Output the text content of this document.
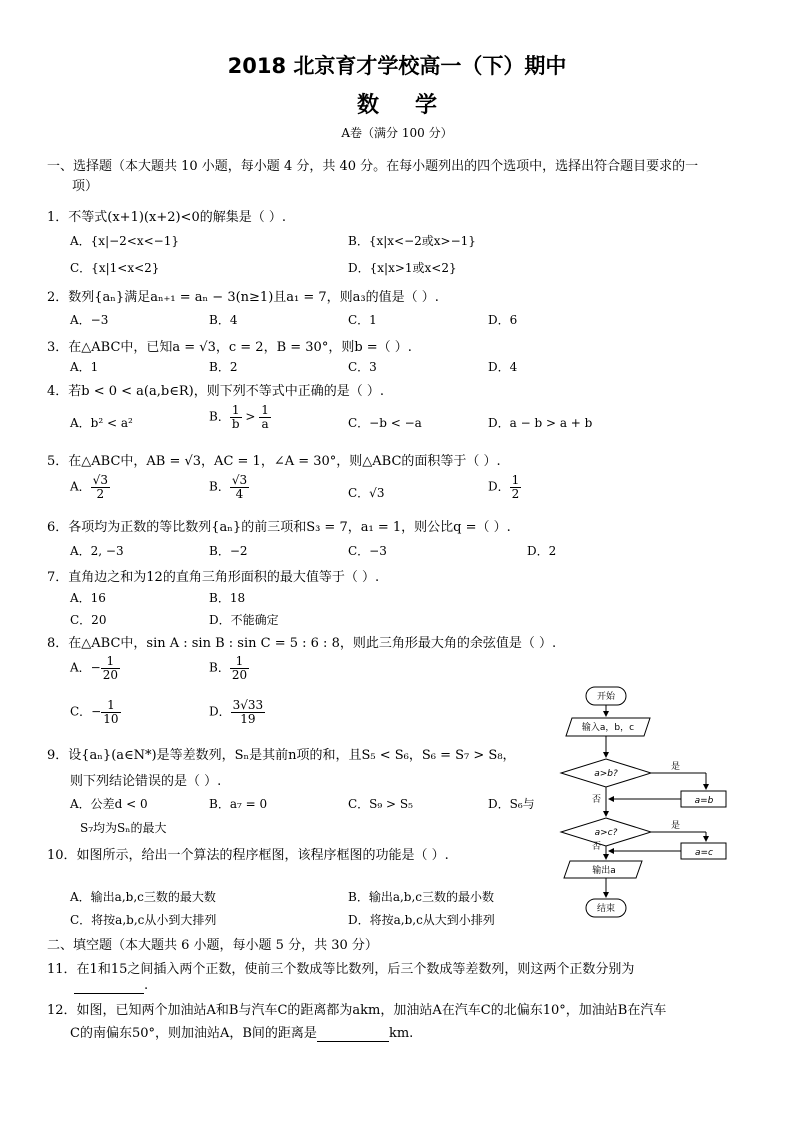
2018 北京育才学校高一（下）期中
数学
A卷（满分 100 分）
一、选择题（本大题共 10 小题，每小题 4 分，共 40 分。在每小题列出的四个选项中，选择出符合题目要求的一
项）
1．不等式(x+1)(x+2)<0的解集是（ ）.
A．{x|−2<x<−1}	B．{x|x<−2或x>−1}
C．{x|1<x<2}	D．{x|x>1或x<2}
2．数列{aₙ}满足aₙ₊₁ = aₙ − 3(n≥1)且a₁ = 7，则a₃的值是（ ）.
A．−3	B．4	C．1	D．6
3．在△ABC中，已知a = √3，c = 2，B = 30°，则b =（ ）.
A．1	B．2	C．3	D．4
4．若b < 0 < a(a,b∈R)，则下列不等式中正确的是（ ）.
A．b² < a²	B． $\frac{1}{b} > \frac{1}{a}$	C．−b < −a	D．a − b > a + b
5．在△ABC中，AB = √3，AC = 1，∠A = 30°，则△ABC的面积等于（ ）.
A． $\frac{√3}{2}$	B． $\frac{√3}{4}$	C．√3	D． $\frac{1}{2}$
6．各项均为正数的等比数列{aₙ}的前三项和S₃ = 7，a₁ = 1，则公比q =（ ）.
A．2, −3	B．−2	C．−3	D．2
7．直角边之和为12的直角三角形面积的最大值等于（ ）.
A．16	B．18
C．20	D．不能确定
8．在△ABC中，sin A : sin B : sin C = 5 : 6 : 8，则此三角形最大角的余弦值是（ ）.
A．− $\frac{1}{20}$	B． $\frac{1}{20}$
C．− $\frac{1}{10}$	D． $\frac{3√33}{19}$
9．设{aₙ}(a∈N*)是等差数列，Sₙ是其前n项的和，且S₅ < S₆，S₆ = S₇ > S₈，
则下列结论错误的是（ ）.
A．公差d < 0	B．a₇ = 0	C．S₉ > S₅	D．S₆与
S₇均为Sₙ的最大
10．如图所示，给出一个算法的程序框图，该程序框图的功能是（ ）.
A．输出a,b,c三数的最大数	B．输出a,b,c三数的最小数
C．将按a,b,c从小到大排列	D．将按a,b,c从大到小排列
开始
输入a，b，c
a>b?
是
a=b
否
a>c?
是
a=c
否
输出a
结束
二、填空题（本大题共 6 小题，每小题 5 分，共 30 分）
11．在1和15之间插入两个正数，使前三个数成等比数列，后三个数成等差数列，则这两个正数分别为
.
12．如图，已知两个加油站A和B与汽车C的距离都为akm，加油站A在汽车C的北偏东10°，加油站B在汽车
C的南偏东50°，则加油站A，B间的距离是	km.
